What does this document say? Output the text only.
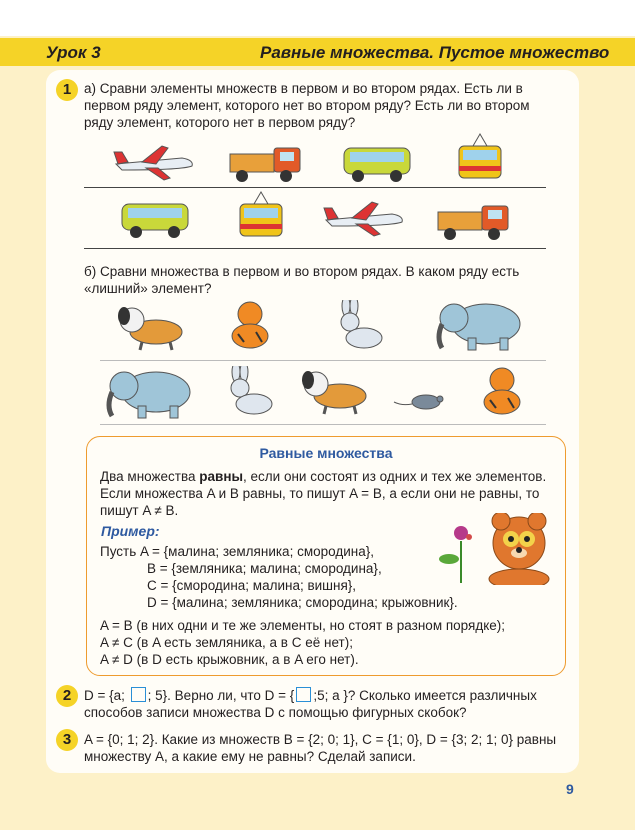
Урок 3	Равные множества. Пустое множество
1 а) Сравни элементы множеств в первом и во втором рядах. Есть ли в первом ряду элемент, которого нет во втором ряду? Есть ли во втором ряду элемент, которого нет в первом ряду?
б) Сравни множества в первом и во втором рядах. В каком ряду есть «лишний» элемент?
Равные множества
Два множества равны, если они состоят из одних и тех же элементов. Если множества A и B равны, то пишут A = B, а если они не равны, то пишут A ≠ B.
Пример:
Пусть A = {малина; земляника; смородина},
B = {земляника; малина; смородина},
C = {смородина; малина; вишня},
D = {малина; земляника; смородина; крыжовник}.
A = B (в них одни и те же элементы, но стоят в разном порядке);
A ≠ C (в A есть земляника, а в C её нет);
A ≠ D (в D есть крыжовник, а в A его нет).
2 D = {a; ; 5}. Верно ли, что D = { ;5; a }? Сколько имеется различных способов записи множества D с помощью фигурных скобок?
3 A = {0; 1; 2}. Какие из множеств B = {2; 0; 1}, C = {1; 0}, D = {3; 2; 1; 0} равны множеству A, а какие ему не равны? Сделай записи.
9
